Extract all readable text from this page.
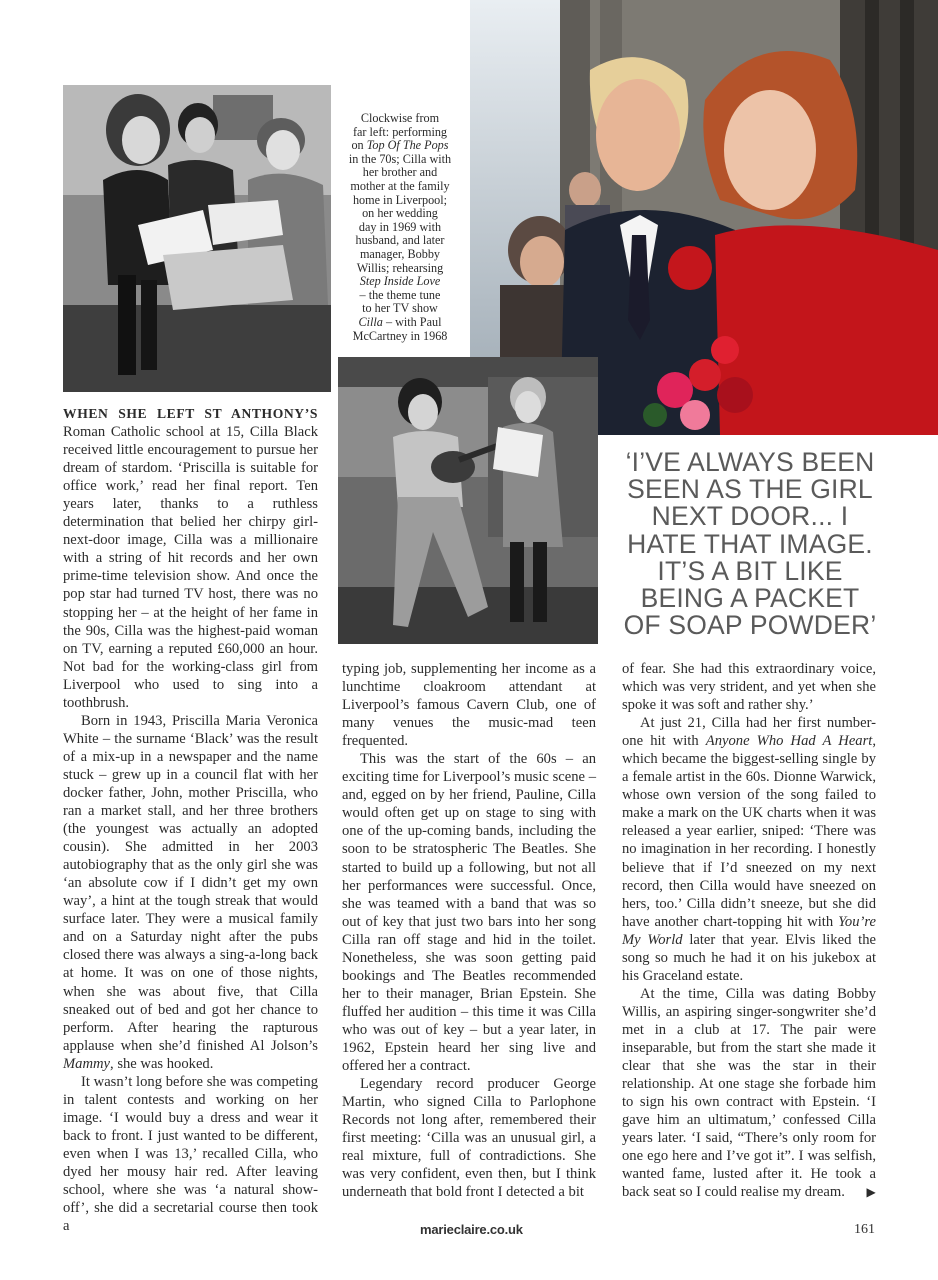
Clockwise from
far left: performing
on Top Of The Pops
in the 70s; Cilla with
her brother and
mother at the family
home in Liverpool;
on her wedding
day in 1969 with
husband, and later
manager, Bobby
Willis; rehearsing
Step Inside Love
– the theme tune
to her TV show
Cilla – with Paul
McCartney in 1968

WHEN SHE LEFT ST ANTHONY’S Roman Catholic school at 15, Cilla Black received little encouragement to pursue her dream of stardom. ‘Priscilla is suitable for office work,’ read her final report. Ten years later, thanks to a ruthless determination that belied her chirpy girl-next-door image, Cilla was a millionaire with a string of hit records and her own prime-time television show. And once the pop star had turned TV host, there was no stopping her – at the height of her fame in the 90s, Cilla was the highest-paid woman on TV, earning a reputed £60,000 an hour. Not bad for the working-class girl from Liverpool who used to sing into a toothbrush.

Born in 1943, Priscilla Maria Veronica White – the surname ‘Black’ was the result of a mix-up in a newspaper and the name stuck – grew up in a council flat with her docker father, John, mother Priscilla, who ran a market stall, and her three brothers (the youngest was actually an adopted cousin). She admitted in her 2003 autobiography that as the only girl she was ‘an absolute cow if I didn’t get my own way’, a hint at the tough streak that would surface later. They were a musical family and on a Saturday night after the pubs closed there was always a sing-a-long back at home. It was on one of those nights, when she was about five, that Cilla sneaked out of bed and got her chance to perform. After hearing the rapturous applause when she’d finished Al Jolson’s Mammy, she was hooked.

It wasn’t long before she was competing in talent contests and working on her image. ‘I would buy a dress and wear it back to front. I just wanted to be different, even when I was 13,’ recalled Cilla, who dyed her mousy hair red. After leaving school, where she was ‘a natural show-off’, she did a secretarial course then took a

typing job, supplementing her income as a lunchtime cloakroom attendant at Liverpool’s famous Cavern Club, one of many venues the music-mad teen frequented.

This was the start of the 60s – an exciting time for Liverpool’s music scene – and, egged on by her friend, Pauline, Cilla would often get up on stage to sing with one of the up-coming bands, including the soon to be stratospheric The Beatles. She started to build up a following, but not all her performances were successful. Once, she was teamed with a band that was so out of key that just two bars into her song Cilla ran off stage and hid in the toilet. Nonetheless, she was soon getting paid bookings and The Beatles recommended her to their manager, Brian Epstein. She fluffed her audition – this time it was Cilla who was out of key – but a year later, in 1962, Epstein heard her sing live and offered her a contract.

Legendary record producer George Martin, who signed Cilla to Parlophone Records not long after, remembered their first meeting: ‘Cilla was an unusual girl, a real mixture, full of contradictions. She was very confident, even then, but I think underneath that bold front I detected a bit

‘I’VE ALWAYS BEEN
SEEN AS THE GIRL
NEXT DOOR... I
HATE THAT IMAGE.
IT’S A BIT LIKE
BEING A PACKET
OF SOAP POWDER’

of fear. She had this extraordinary voice, which was very strident, and yet when she spoke it was soft and rather shy.’

At just 21, Cilla had her first number-one hit with Anyone Who Had A Heart, which became the biggest-selling single by a female artist in the 60s. Dionne Warwick, whose own version of the song failed to make a mark on the UK charts when it was released a year earlier, sniped: ‘There was no imagination in her recording. I honestly believe that if I’d sneezed on my next record, then Cilla would have sneezed on hers, too.’ Cilla didn’t sneeze, but she did have another chart-topping hit with You’re My World later that year. Elvis liked the song so much he had it on his jukebox at his Graceland estate.

At the time, Cilla was dating Bobby Willis, an aspiring singer-songwriter she’d met in a club at 17. The pair were inseparable, but from the start she made it clear that she was the star in their relationship. At one stage she forbade him to sign his own contract with Epstein. ‘I gave him an ultimatum,’ confessed Cilla years later. ‘I said, “There’s only room for one ego here and I’ve got it”. I was selfish, wanted fame, lusted after it. He took a back seat so I could realise my dream. ▶

marieclaire.co.uk	161
